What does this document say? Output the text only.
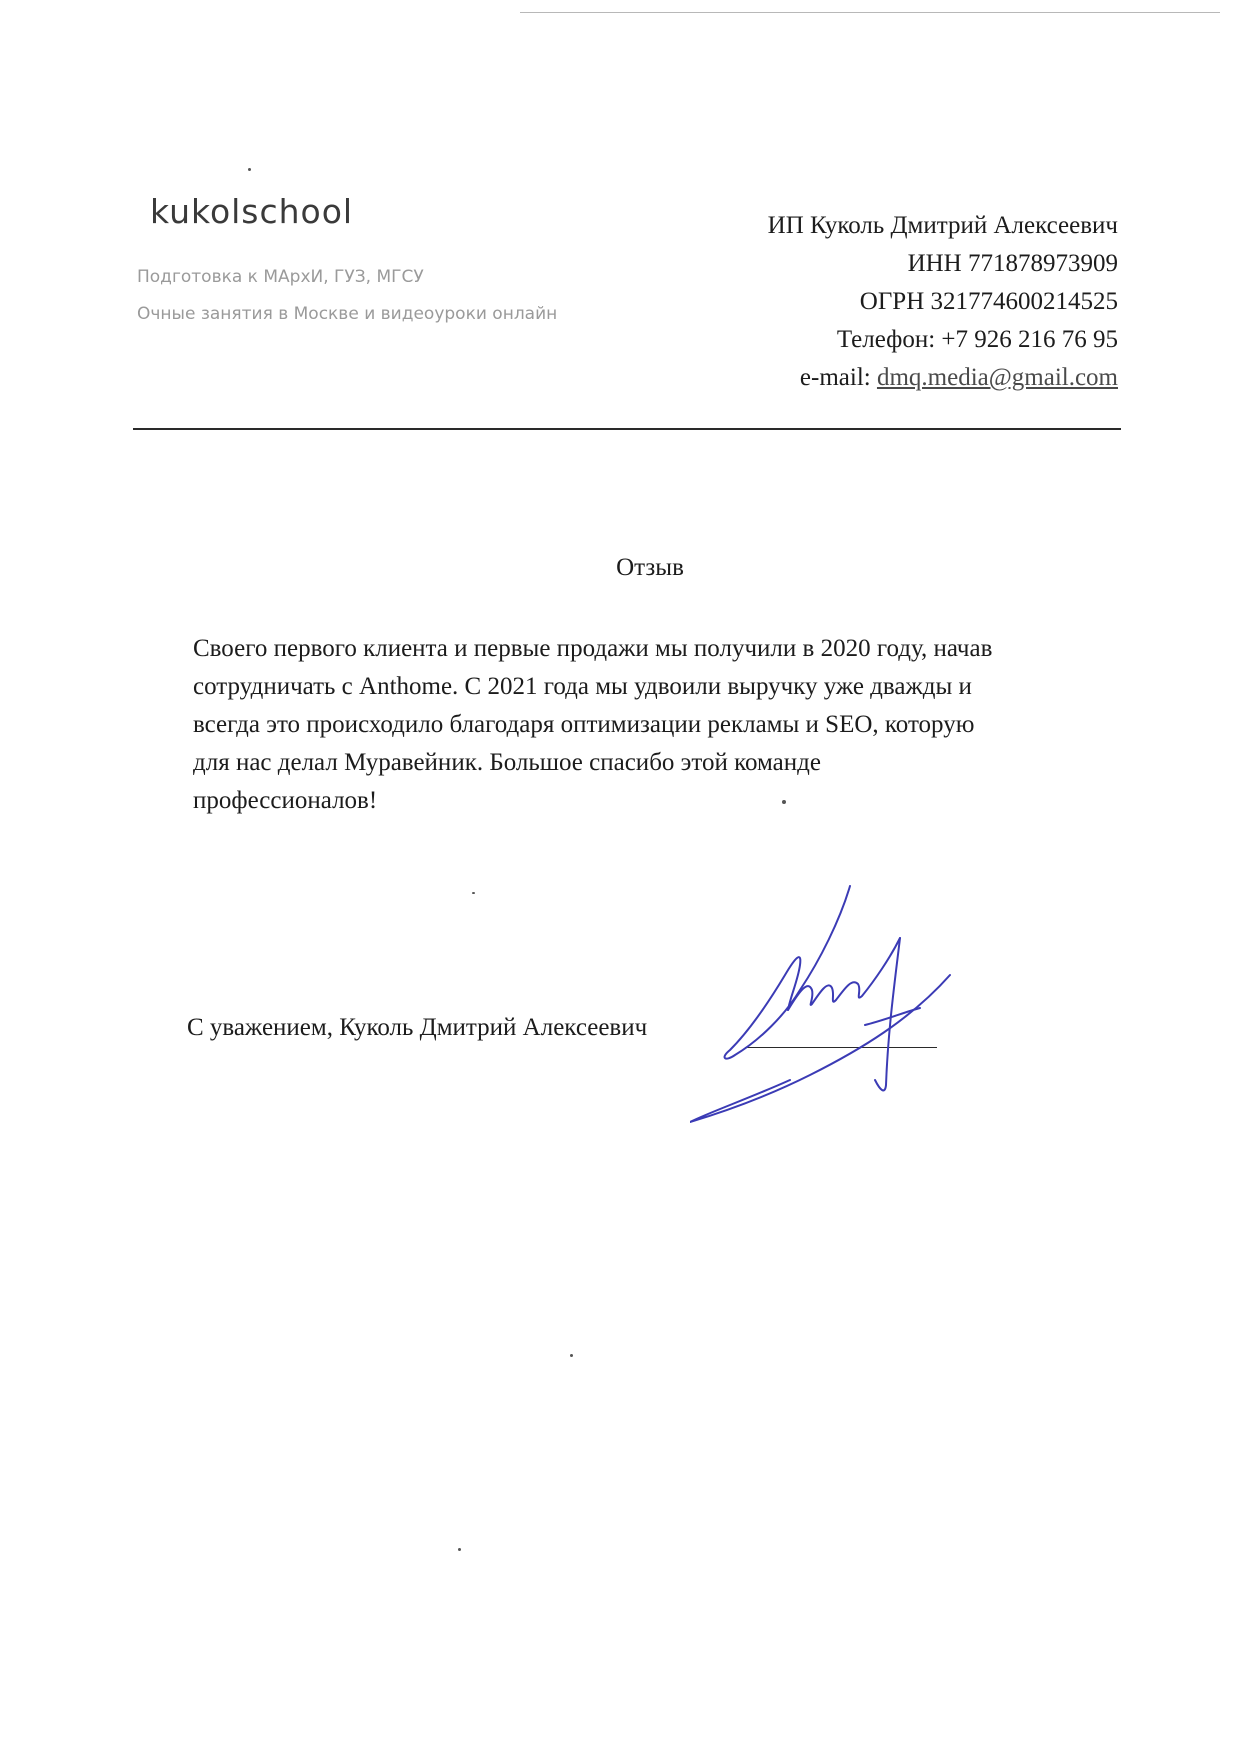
kukolschool
Подготовка к МАрхИ, ГУЗ, МГСУ
Очные занятия в Москве и видеоуроки онлайн
ИП Куколь Дмитрий Алексеевич
ИНН 771878973909
ОГРН 321774600214525
Телефон: +7 926 216 76 95
e-mail: dmq.media@gmail.com
Отзыв

Своего первого клиента и первые продажи мы получили в 2020 году, начав

сотрудничать с Anthome. С 2021 года мы удвоили выручку уже дважды и

всегда это происходило благодаря оптимизации рекламы и SEO, которую

для нас делал Муравейник. Большое спасибо этой команде

профессионалов!

С уважением, Куколь Дмитрий Алексеевич
